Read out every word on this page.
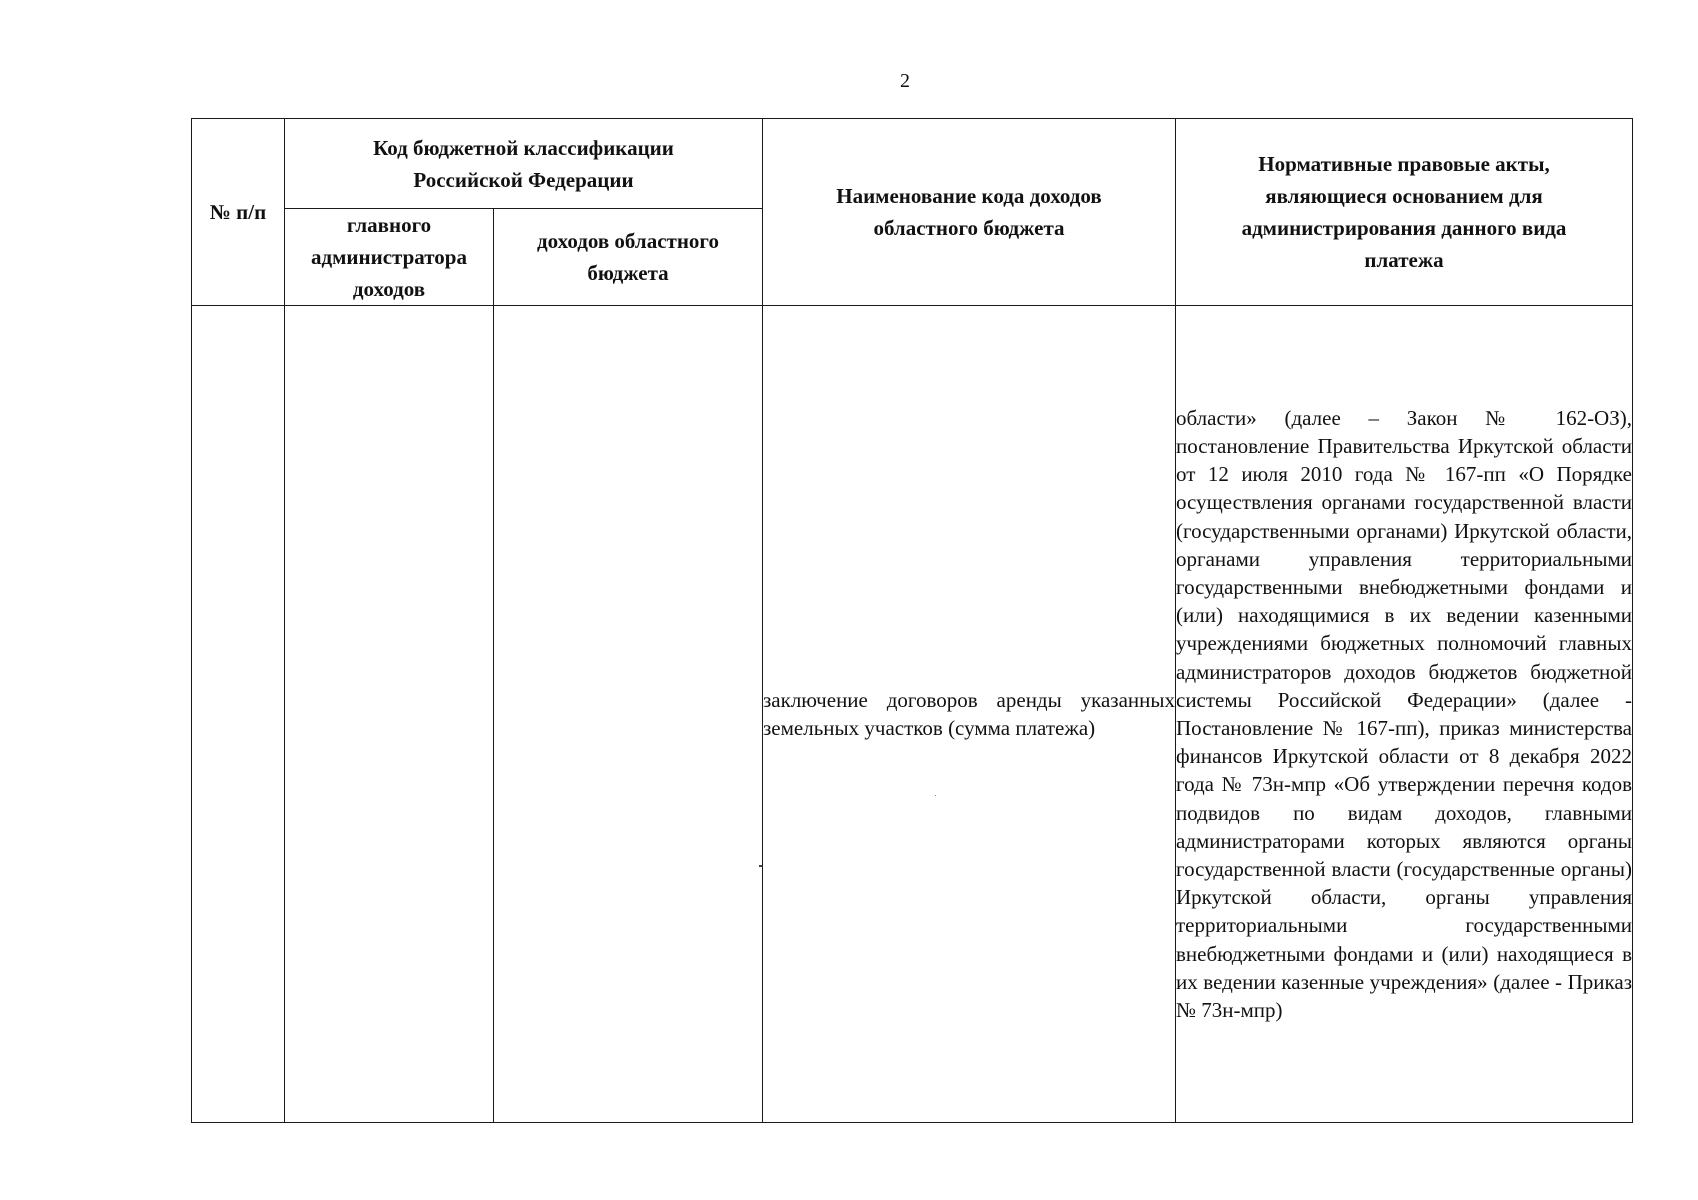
2
№ п/п	Код бюджетной классификации Российской Федерации		Наименование кода доходов областного бюджета	Нормативные правовые акты, являющиеся основанием для администрирования данного вида платежа
	главного администратора доходов	доходов областного бюджета		
			заключение договоров аренды указанных земельных участков (сумма платежа)	области» (далее – Закон № 162-ОЗ), постановление Правительства Иркутской области от 12 июля 2010 года № 167-пп «О Порядке осуществления органами государственной власти (государственными органами) Иркутской области, органами управления территориальными государственными внебюджетными фондами и (или) находящимися в их ведении казенными учреждениями бюджетных полномочий главных администраторов доходов бюджетов бюджетной системы Российской Федерации» (далее - Постановление № 167-пп), приказ министерства финансов Иркутской области от 8 декабря 2022 года № 73н-мпр «Об утверждении перечня кодов подвидов по видам доходов, главными администраторами которых являются органы государственной власти (государственные органы) Иркутской области, органы управления территориальными государственными внебюджетными фондами и (или) находящиеся в их ведении казенные учреждения» (далее - Приказ № 73н-мпр)
